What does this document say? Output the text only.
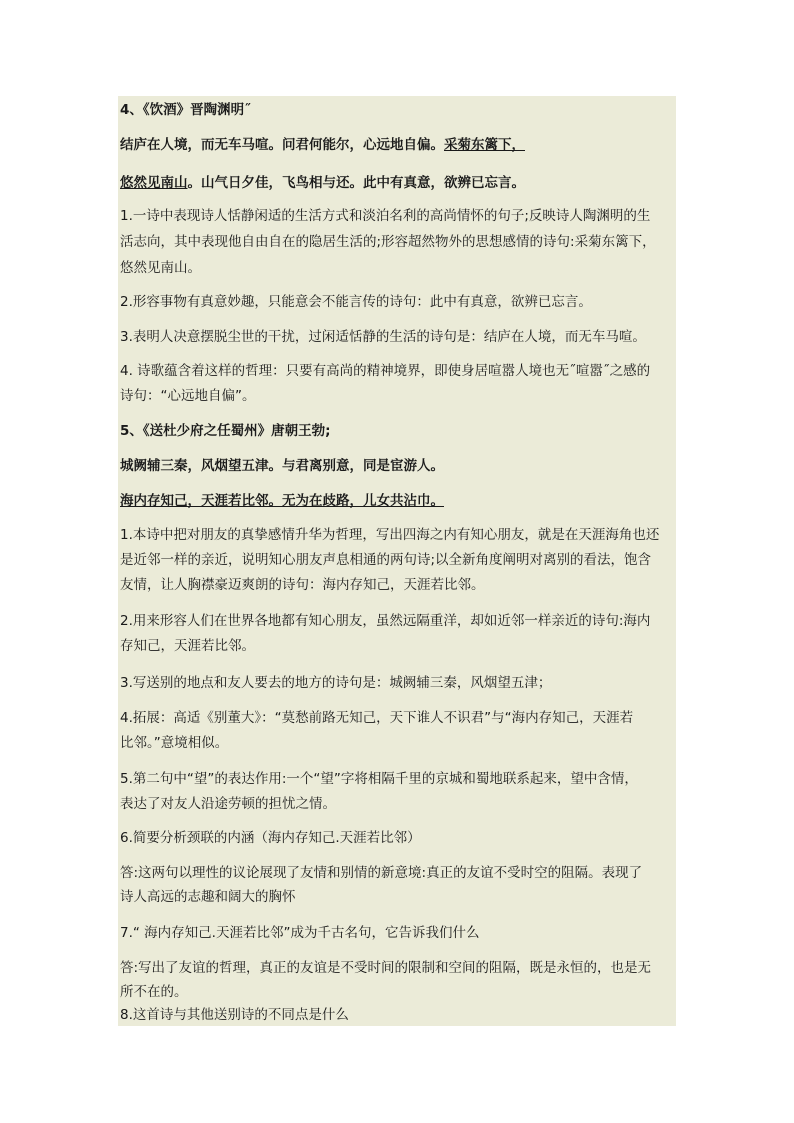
4、《饮酒》晋陶渊明˝
结庐在人境，而无车马喧。问君何能尔，心远地自偏。采菊东篱下，
悠然见南山。山气日夕佳，飞鸟相与还。此中有真意，欲辨已忘言。
1.一诗中表现诗人恬静闲适的生活方式和淡泊名利的高尚情怀的句子;反映诗人陶渊明的生
活志向，其中表现他自由自在的隐居生活的;形容超然物外的思想感情的诗句:采菊东篱下，
悠然见南山。
2.形容事物有真意妙趣，只能意会不能言传的诗句：此中有真意，欲辨已忘言。
3.表明人决意摆脱尘世的干扰，过闲适恬静的生活的诗句是：结庐在人境，而无车马喧。
4. 诗歌蕴含着这样的哲理：只要有高尚的精神境界，即使身居喧嚣人境也无˝喧嚣˝之感的
诗句：“心远地自偏”。
5、《送杜少府之任蜀州》唐朝王勃;
城阙辅三秦，风烟望五津。与君离别意，同是宦游人。
海内存知己，天涯若比邻。无为在歧路，儿女共沾巾。
1.本诗中把对朋友的真挚感情升华为哲理，写出四海之内有知心朋友，就是在天涯海角也还
是近邻一样的亲近，说明知心朋友声息相通的两句诗;以全新角度阐明对离别的看法，饱含
友情，让人胸襟豪迈爽朗的诗句：海内存知己，天涯若比邻。
2.用来形容人们在世界各地都有知心朋友，虽然远隔重洋，却如近邻一样亲近的诗句:海内
存知己，天涯若比邻。
3.写送别的地点和友人要去的地方的诗句是：城阙辅三秦，风烟望五津；
4.拓展：高适《别董大》：“莫愁前路无知己，天下谁人不识君”与“海内存知己，天涯若
比邻。”意境相似。
5.第二句中“望”的表达作用:一个“望”字将相隔千里的京城和蜀地联系起来，望中含情，
表达了对友人沿途劳顿的担忧之情。
6.简要分析颈联的内涵（海内存知己.天涯若比邻）
答:这两句以理性的议论展现了友情和别情的新意境:真正的友谊不受时空的阻隔。表现了
诗人高远的志趣和阔大的胸怀
7.“ 海内存知己.天涯若比邻”成为千古名句，它告诉我们什么
答:写出了友谊的哲理，真正的友谊是不受时间的限制和空间的阻隔，既是永恒的，也是无
所不在的。
8.这首诗与其他送别诗的不同点是什么
